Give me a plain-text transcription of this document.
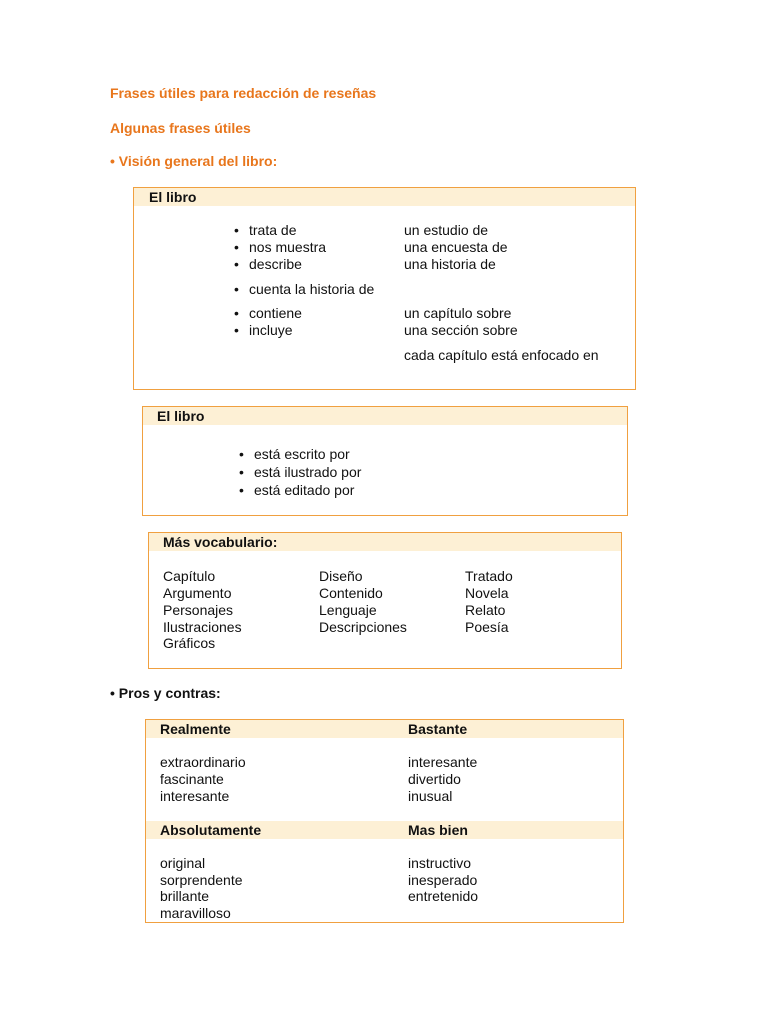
Frases útiles para redacción de reseñas
Algunas frases útiles
• Visión general del libro:
El libro
• trata de
• nos muestra
• describe
• cuenta la historia de
• contiene
• incluye
un estudio de
una encuesta de
una historia de
un capítulo sobre
una sección sobre
cada capítulo está enfocado en
El libro
• está escrito por
• está ilustrado por
• está editado por
Más vocabulario:
Capítulo
Argumento
Personajes
Ilustraciones
Gráficos
Diseño
Contenido
Lenguaje
Descripciones
Tratado
Novela
Relato
Poesía
• Pros y contras:
Realmente	Bastante
extraordinario
fascinante
interesante
interesante
divertido
inusual
Absolutamente	Mas bien
original
sorprendente
brillante
maravilloso
instructivo
inesperado
entretenido
